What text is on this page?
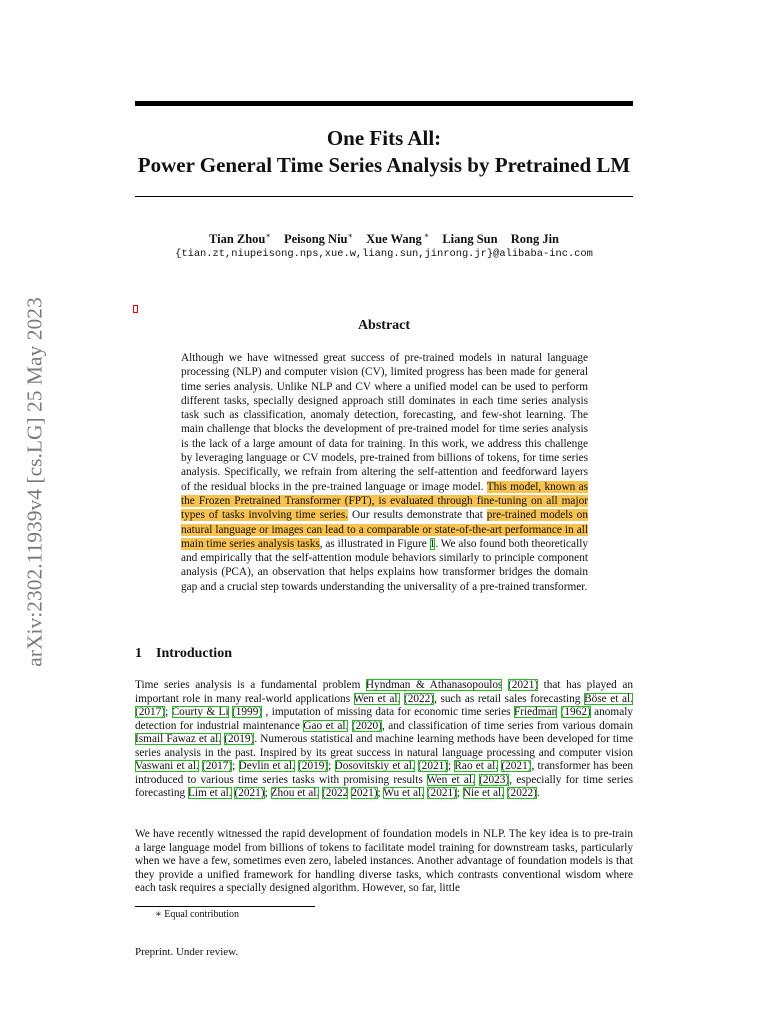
arXiv:2302.11939v4 [cs.LG] 25 May 2023
One Fits All:
Power General Time Series Analysis by Pretrained LM
Tian Zhou∗ Peisong Niu∗ Xue Wang ∗ Liang Sun Rong Jin
{tian.zt,niupeisong.nps,xue.w,liang.sun,jinrong.jr}@alibaba-inc.com
Abstract

Although we have witnessed great success of pre-trained models in natural language processing (NLP) and computer vision (CV), limited progress has been made for general time series analysis. Unlike NLP and CV where a unified model can be used to perform different tasks, specially designed approach still dominates in each time series analysis task such as classification, anomaly detection, forecasting, and few-shot learning. The main challenge that blocks the development of pre-trained model for time series analysis is the lack of a large amount of data for training. In this work, we address this challenge by leveraging language or CV models, pre-trained from billions of tokens, for time series analysis. Specifically, we refrain from altering the self-attention and feedforward layers of the residual blocks in the pre-trained language or image model. This model, known as the Frozen Pretrained Transformer (FPT), is evaluated through fine-tuning on all major types of tasks involving time series. Our results demonstrate that pre-trained models on natural language or images can lead to a comparable or state-of-the-art performance in all main time series analysis tasks, as illustrated in Figure 1. We also found both theoretically and empirically that the self-attention module behaviors similarly to principle component analysis (PCA), an observation that helps explains how transformer bridges the domain gap and a crucial step towards understanding the universality of a pre-trained transformer.

1 Introduction

Time series analysis is a fundamental problem Hyndman & Athanasopoulos (2021) that has played an important role in many real-world applications Wen et al. (2022), such as retail sales forecasting Böse et al. (2017); Courty & Li (1999) , imputation of missing data for economic time series Friedman (1962) anomaly detection for industrial maintenance Gao et al. (2020), and classification of time series from various domain Ismail Fawaz et al. (2019). Numerous statistical and machine learning methods have been developed for time series analysis in the past. Inspired by its great success in natural language processing and computer vision Vaswani et al. (2017); Devlin et al. (2019); Dosovitskiy et al. (2021); Rao et al. (2021), transformer has been introduced to various time series tasks with promising results Wen et al. (2023), especially for time series forecasting Lim et al. (2021); Zhou et al. (2022 2021); Wu et al. (2021); Nie et al. (2022).

We have recently witnessed the rapid development of foundation models in NLP. The key idea is to pre-train a large language model from billions of tokens to facilitate model training for downstream tasks, particularly when we have a few, sometimes even zero, labeled instances. Another advantage of foundation models is that they provide a unified framework for handling diverse tasks, which contrasts conventional wisdom where each task requires a specially designed algorithm. However, so far, little
∗ Equal contribution
Preprint. Under review.
